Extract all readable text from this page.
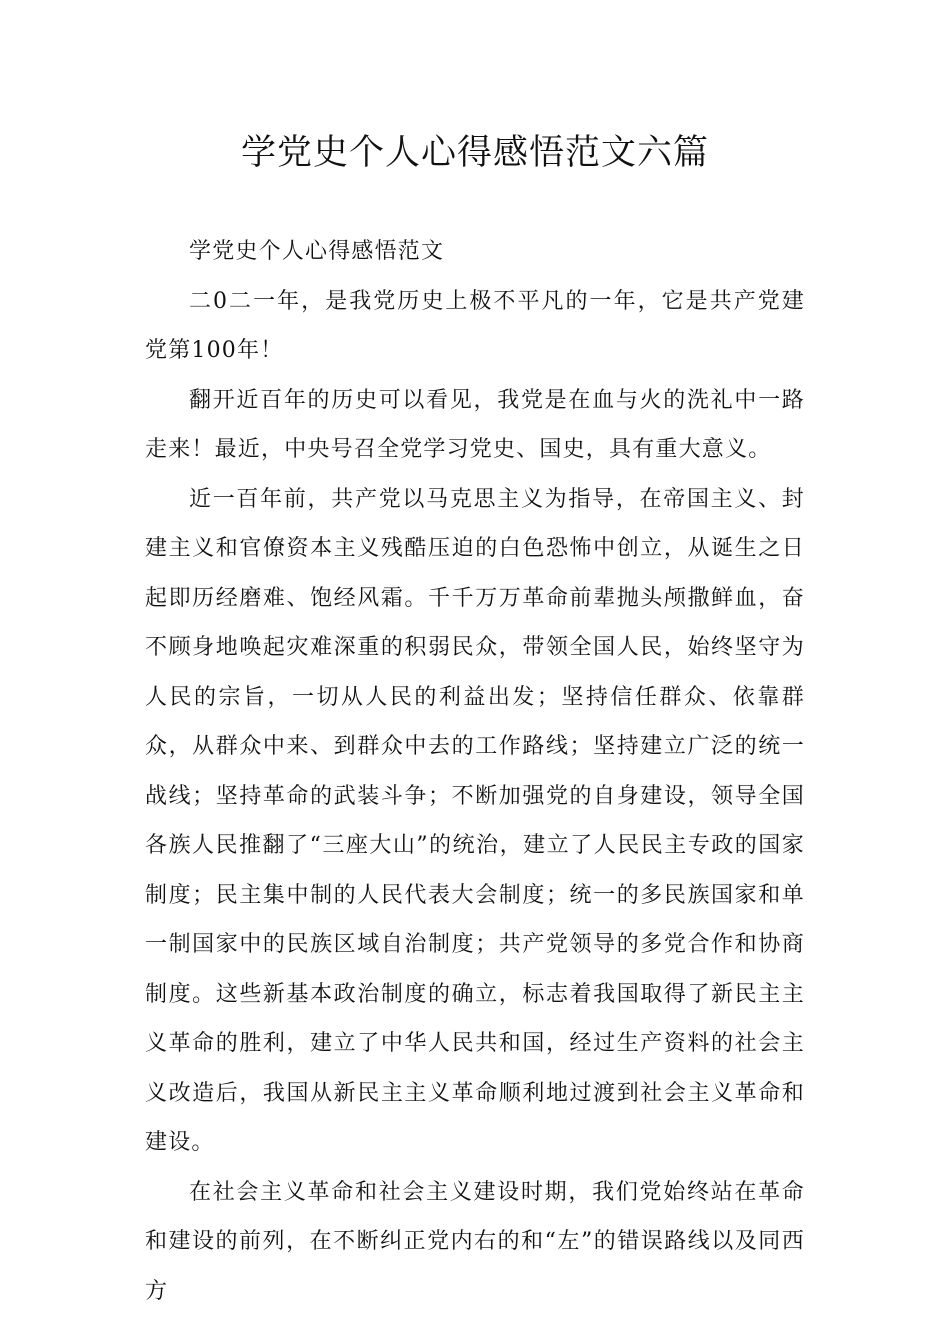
学党史个人心得感悟范文六篇

学党史个人心得感悟范文

二0二一年，是我党历史上极不平凡的一年，它是共产党建党第100年！

翻开近百年的历史可以看见，我党是在血与火的洗礼中一路走来！最近，中央号召全党学习党史、国史，具有重大意义。

近一百年前，共产党以马克思主义为指导，在帝国主义、封建主义和官僚资本主义残酷压迫的白色恐怖中创立，从诞生之日起即历经磨难、饱经风霜。千千万万革命前辈抛头颅撒鲜血，奋不顾身地唤起灾难深重的积弱民众，带领全国人民，始终坚守为人民的宗旨，一切从人民的利益出发；坚持信任群众、依靠群众，从群众中来、到群众中去的工作路线；坚持建立广泛的统一战线；坚持革命的武装斗争；不断加强党的自身建设，领导全国各族人民推翻了“三座大山”的统治，建立了人民民主专政的国家制度；民主集中制的人民代表大会制度；统一的多民族国家和单一制国家中的民族区域自治制度；共产党领导的多党合作和协商制度。这些新基本政治制度的确立，标志着我国取得了新民主主义革命的胜利，建立了中华人民共和国，经过生产资料的社会主义改造后，我国从新民主主义革命顺利地过渡到社会主义革命和建设。

在社会主义革命和社会主义建设时期，我们党始终站在革命和建设的前列，在不断纠正党内右的和“左”的错误路线以及同西方
